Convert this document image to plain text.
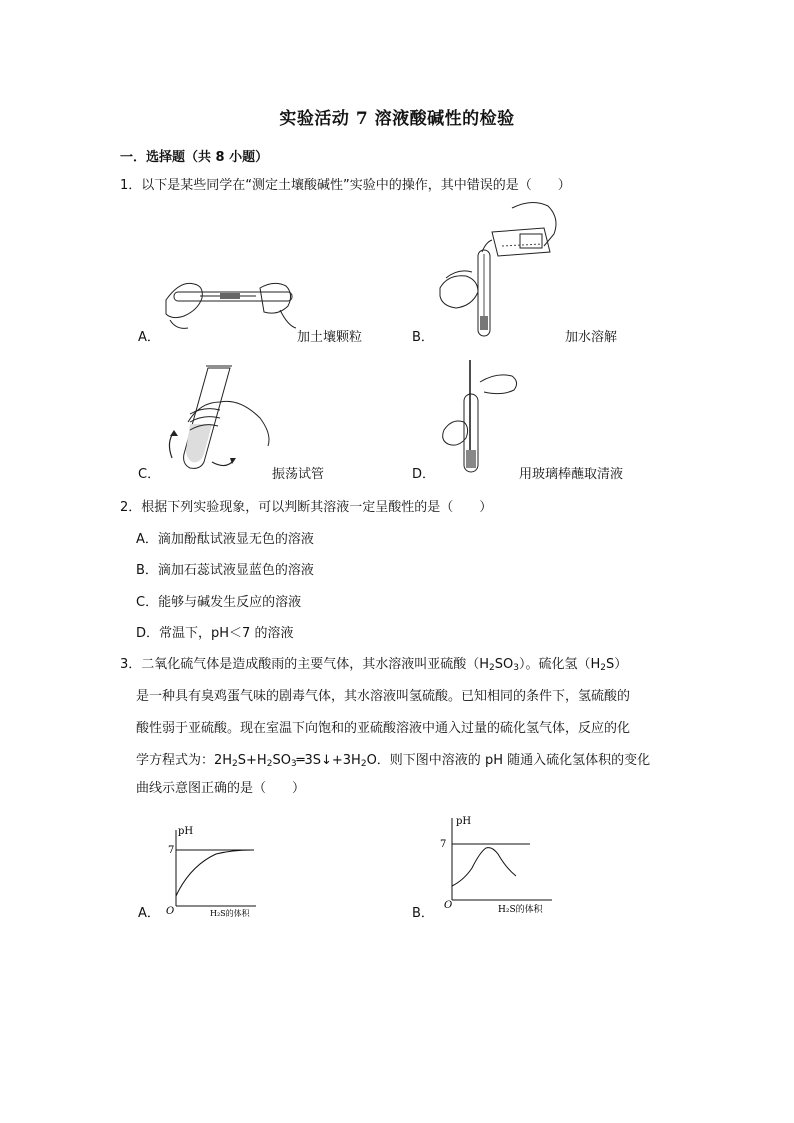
实验活动 7 溶液酸碱性的检验
一．选择题（共 8 小题）
1．以下是某些同学在“测定土壤酸碱性”实验中的操作，其中错误的是（　　）
A．	加土壤颗粒	B．	加水溶解
C．	振荡试管	D．	用玻璃棒蘸取清液
2．根据下列实验现象，可以判断其溶液一定呈酸性的是（　　）
A．滴加酚酞试液显无色的溶液
B．滴加石蕊试液显蓝色的溶液
C．能够与碱发生反应的溶液
D．常温下，pH＜7 的溶液
3．二氧化硫气体是造成酸雨的主要气体，其水溶液叫亚硫酸$(H_2SO_3)$。硫化氢$(H_2S)$
是一种具有臭鸡蛋气味的剧毒气体，其水溶液叫氢硫酸。已知相同的条件下，氢硫酸的
酸性弱于亚硫酸。现在室温下向饱和的亚硫酸溶液中通入过量的硫化氢气体，反应的化
学方程式为：$2H_2S+H_2SO_3═3S↓+3H_2O$．则下图中溶液的 pH 随通入硫化氢体积的变化
曲线示意图正确的是（　　）
pH
7
O	H₂S的体积
A．
pH
7
O	H₂S的体积
B．
